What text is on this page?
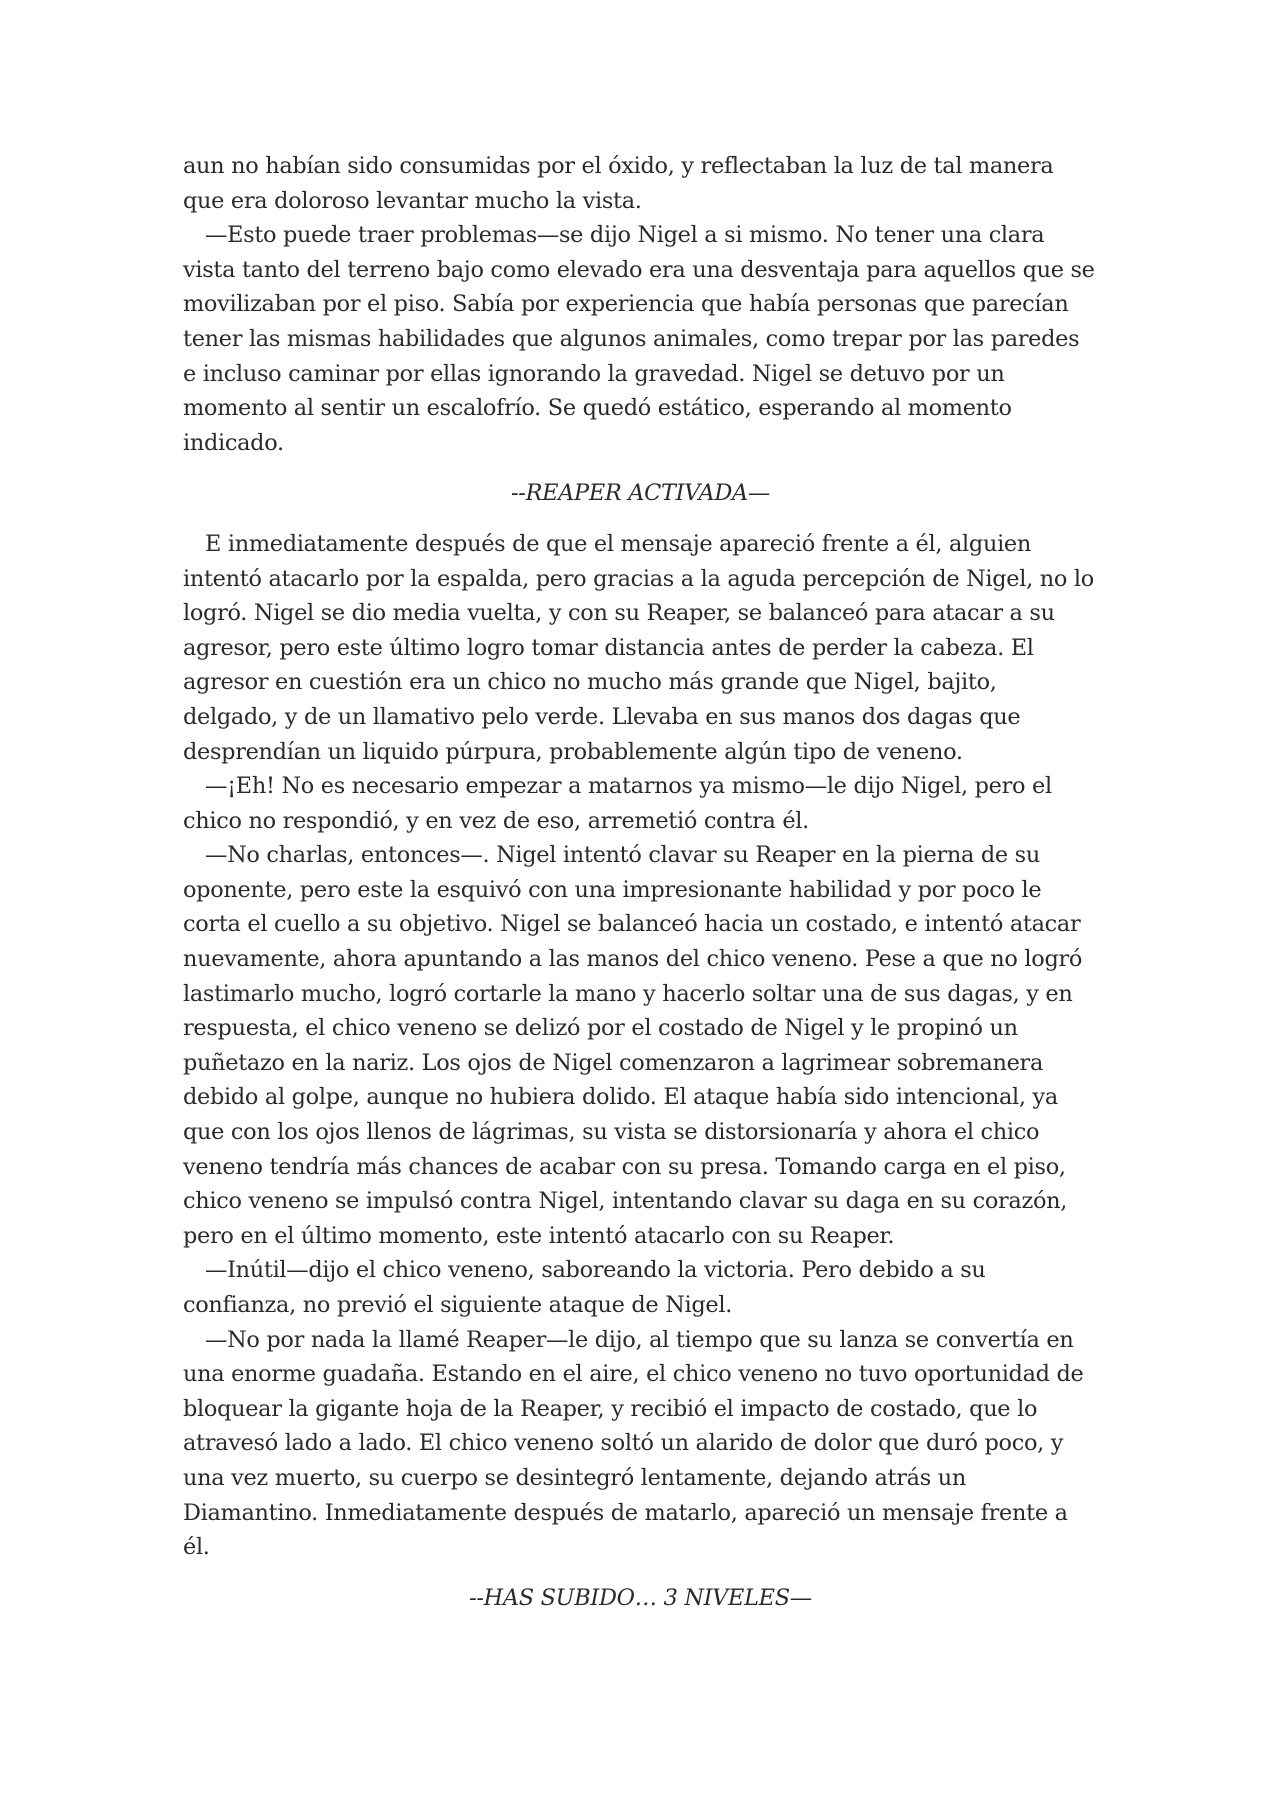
aun no habían sido consumidas por el óxido, y reflectaban la luz de tal manera que era doloroso levantar mucho la vista.

—Esto puede traer problemas—se dijo Nigel a si mismo. No tener una clara vista tanto del terreno bajo como elevado era una desventaja para aquellos que se movilizaban por el piso. Sabía por experiencia que había personas que parecían tener las mismas habilidades que algunos animales, como trepar por las paredes e incluso caminar por ellas ignorando la gravedad. Nigel se detuvo por un momento al sentir un escalofrío. Se quedó estático, esperando al momento indicado.

--REAPER ACTIVADA—

E inmediatamente después de que el mensaje apareció frente a él, alguien intentó atacarlo por la espalda, pero gracias a la aguda percepción de Nigel, no lo logró. Nigel se dio media vuelta, y con su Reaper, se balanceó para atacar a su agresor, pero este último logro tomar distancia antes de perder la cabeza. El agresor en cuestión era un chico no mucho más grande que Nigel, bajito, delgado, y de un llamativo pelo verde. Llevaba en sus manos dos dagas que desprendían un liquido púrpura, probablemente algún tipo de veneno.

—¡Eh! No es necesario empezar a matarnos ya mismo—le dijo Nigel, pero el chico no respondió, y en vez de eso, arremetió contra él.

—No charlas, entonces—. Nigel intentó clavar su Reaper en la pierna de su oponente, pero este la esquivó con una impresionante habilidad y por poco le corta el cuello a su objetivo. Nigel se balanceó hacia un costado, e intentó atacar nuevamente, ahora apuntando a las manos del chico veneno. Pese a que no logró lastimarlo mucho, logró cortarle la mano y hacerlo soltar una de sus dagas, y en respuesta, el chico veneno se delizó por el costado de Nigel y le propinó un puñetazo en la nariz. Los ojos de Nigel comenzaron a lagrimear sobremanera debido al golpe, aunque no hubiera dolido. El ataque había sido intencional, ya que con los ojos llenos de lágrimas, su vista se distorsionaría y ahora el chico veneno tendría más chances de acabar con su presa. Tomando carga en el piso, chico veneno se impulsó contra Nigel, intentando clavar su daga en su corazón, pero en el último momento, este intentó atacarlo con su Reaper.

—Inútil—dijo el chico veneno, saboreando la victoria. Pero debido a su confianza, no previó el siguiente ataque de Nigel.

—No por nada la llamé Reaper—le dijo, al tiempo que su lanza se convertía en una enorme guadaña. Estando en el aire, el chico veneno no tuvo oportunidad de bloquear la gigante hoja de la Reaper, y recibió el impacto de costado, que lo atravesó lado a lado. El chico veneno soltó un alarido de dolor que duró poco, y una vez muerto, su cuerpo se desintegró lentamente, dejando atrás un Diamantino. Inmediatamente después de matarlo, apareció un mensaje frente a él.

--HAS SUBIDO… 3 NIVELES—
